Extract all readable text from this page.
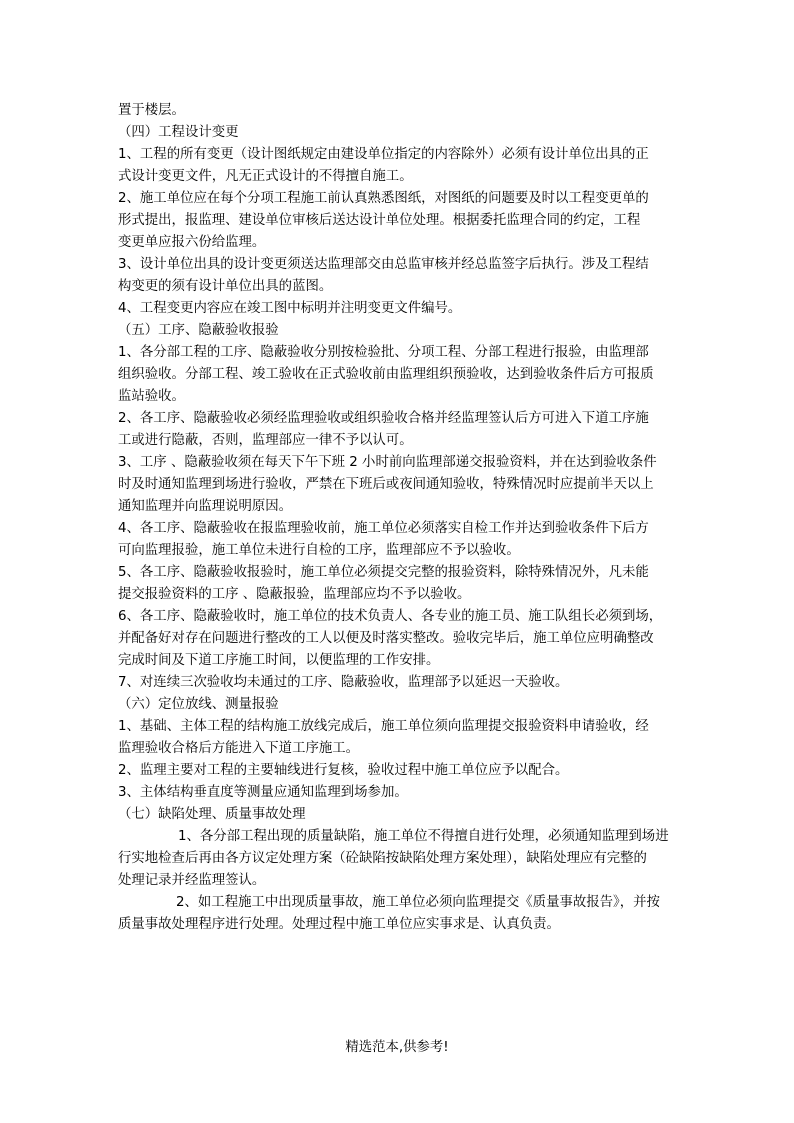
置于楼层。
（四）工程设计变更
1、工程的所有变更（设计图纸规定由建设单位指定的内容除外）必须有设计单位出具的正
式设计变更文件，凡无正式设计的不得擅自施工。
2、施工单位应在每个分项工程施工前认真熟悉图纸，对图纸的问题要及时以工程变更单的
形式提出，报监理、建设单位审核后送达设计单位处理。根据委托监理合同的约定，工程
变更单应报六份给监理。
3、设计单位出具的设计变更须送达监理部交由总监审核并经总监签字后执行。涉及工程结
构变更的须有设计单位出具的蓝图。
4、工程变更内容应在竣工图中标明并注明变更文件编号。
（五）工序、隐蔽验收报验
1、各分部工程的工序、隐蔽验收分别按检验批、分项工程、分部工程进行报验，由监理部
组织验收。分部工程、竣工验收在正式验收前由监理组织预验收，达到验收条件后方可报质
监站验收。
2、各工序、隐蔽验收必须经监理验收或组织验收合格并经监理签认后方可进入下道工序施
工或进行隐蔽，否则，监理部应一律不予以认可。
3、工序 、隐蔽验收须在每天下午下班 2 小时前向监理部递交报验资料，并在达到验收条件
时及时通知监理到场进行验收，严禁在下班后或夜间通知验收，特殊情况时应提前半天以上
通知监理并向监理说明原因。
4、各工序、隐蔽验收在报监理验收前，施工单位必须落实自检工作并达到验收条件下后方
可向监理报验，施工单位未进行自检的工序，监理部应不予以验收。
5、各工序、隐蔽验收报验时，施工单位必须提交完整的报验资料，除特殊情况外，凡未能
提交报验资料的工序 、隐蔽报验，监理部应均不予以验收。
6、各工序、隐蔽验收时，施工单位的技术负责人、各专业的施工员、施工队组长必须到场，
并配备好对存在问题进行整改的工人以便及时落实整改。验收完毕后，施工单位应明确整改
完成时间及下道工序施工时间，以便监理的工作安排。
7、对连续三次验收均未通过的工序、隐蔽验收，监理部予以延迟一天验收。
（六）定位放线、测量报验
1、基础、主体工程的结构施工放线完成后，施工单位须向监理提交报验资料申请验收，经
监理验收合格后方能进入下道工序施工。
2、监理主要对工程的主要轴线进行复核，验收过程中施工单位应予以配合。
3、主体结构垂直度等测量应通知监理到场参加。
（七）缺陷处理、质量事故处理
1、各分部工程出现的质量缺陷，施工单位不得擅自进行处理，必须通知监理到场进
行实地检查后再由各方议定处理方案（砼缺陷按缺陷处理方案处理），缺陷处理应有完整的
处理记录并经监理签认。
2、如工程施工中出现质量事故，施工单位必须向监理提交《质量事故报告》，并按
质量事故处理程序进行处理。处理过程中施工单位应实事求是、认真负责。
精选范本,供参考!
